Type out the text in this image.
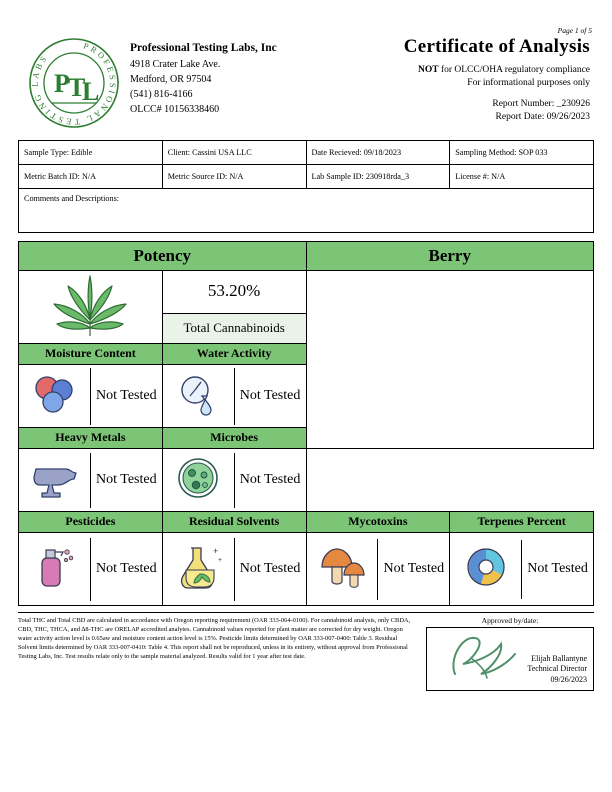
Page 1 of 5
PROFESSIONAL TESTING LABS
P
T
L
Professional Testing Labs, Inc
4918 Crater Lake Ave.
Medford, OR 97504
(541) 816-4166
OLCC# 10156338460
Certificate of Analysis
NOT for OLCC/OHA regulatory compliance
For informational purposes only
Report Number: _230926
Report Date: 09/26/2023
Sample Type: Edible	Client: Cassini USA LLC	Date Recieved: 09/18/2023	Sampling Method: SOP 033
Metric Batch ID: N/A	Metric Source ID: N/A	Lab Sample ID: 230918rda_3	License #: N/A
Comments and Descriptions:			
Potency	Berry
	53.20%	
Total Cannabinoids
Moisture Content	Water Activity

	Not Tested

		Not Tested

Heavy Metals	Microbes

	Not Tested

		Not Tested

Pesticides	Residual Solvents	Mycotoxins	Terpenes Percent

	Not Tested

+
+
	Not Tested

		Not Tested

		Not Tested
Total THC and Total CBD are calculated in accordance with Oregon reporting requirement (OAR 333-064-0100). For cannabinoid analysis, only CBDA, CBD, THC, THCA, and ∆8-THC are ORELAP accredited analytes. Cannabinoid values reported for plant matter are corrected for dry weight. Oregon water activity action level is 0.65aw and moisture content action level is 15%. Pesticide limits determined by OAR 333-007-0400: Table 3. Residual Solvent limits determined by OAR 333-007-0410: Table 4. This report shall not be reproduced, unless in its entirety, without approval from Professional Testing Labs, Inc. Test results relate only to the sample material analyzed. Results valid for 1 year after test date.
Approved by/date:
Elijah Ballantyne
Technical Director
09/26/2023
